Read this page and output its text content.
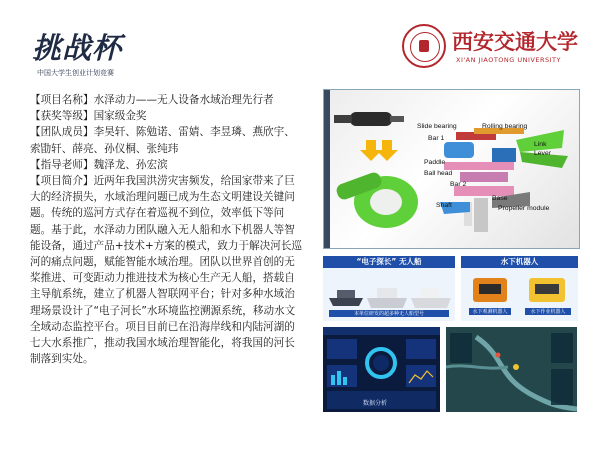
挑战杯
中国大学生创业计划竞赛
西安交通大学
XI'AN JIAOTONG UNIVERSITY

【项目名称】水泽动力——无人设备水域治理先行者

【获奖等级】国家级金奖

【团队成员】李昊轩、陈勉诺、雷婧、李昱璘、燕欣宇、索勖轩、薛亮、孙仪桐、张纯玮

【指导老师】魏泽龙、孙宏滨

【项目简介】近两年我国洪涝灾害频发，给国家带来了巨大的经济损失，水域治理问题已成为生态文明建设关键问题。传统的巡河方式存在着巡视不到位，效率低下等问题。基于此，水泽动力团队融入无人船和水下机器人等智能设备，通过产品+技术+方案的模式，致力于解决河长巡河的痛点问题，赋能智能水域治理。团队以世界首创的无桨推进、可变距动力推进技术为核心生产无人船，搭载自主导航系统，建立了机器人智联网平台；针对多种水域治理场景设计了“电子河长”水环境监控溯源系统，移动水文全域动态监控平台。项目目前已在沿海岸线和内陆河湖的七大水系推广，推动我国水域治理智能化，将我国的河长制落到实处。

Slide bearing	Rolling bearing
Bar 1
Link
Lever
Paddle
Ball head
Bar 2
Base
Shaft	Propeller module
“电子探长” 无人船	水下机器人
本单位研发的超多种无人船型号	水下观测机器人	水下作业机器人
数据分析
